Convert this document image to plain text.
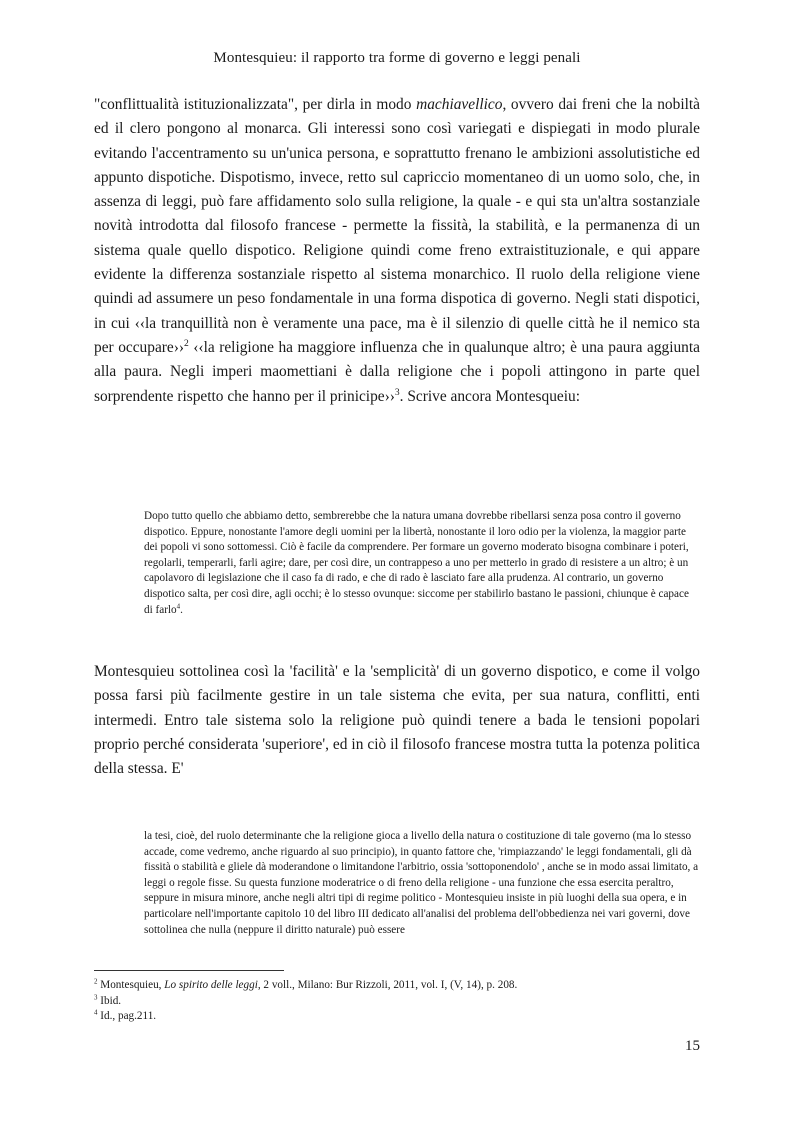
Montesquieu: il rapporto tra forme di governo e leggi penali

"conflittualità istituzionalizzata", per dirla in modo machiavellico, ovvero dai freni che la nobiltà ed il clero pongono al monarca. Gli interessi sono così variegati e dispiegati in modo plurale evitando l'accentramento su un'unica persona, e soprattutto frenano le ambizioni assolutistiche ed appunto dispotiche. Dispotismo, invece, retto sul capriccio momentaneo di un uomo solo, che, in assenza di leggi, può fare affidamento solo sulla religione, la quale - e qui sta un'altra sostanziale novità introdotta dal filosofo francese - permette la fissità, la stabilità, e la permanenza di un sistema quale quello dispotico. Religione quindi come freno extraistituzionale, e qui appare evidente la differenza sostanziale rispetto al sistema monarchico. Il ruolo della religione viene quindi ad assumere un peso fondamentale in una forma dispotica di governo. Negli stati dispotici, in cui ‹‹la tranquillità non è veramente una pace, ma è il silenzio di quelle città he il nemico sta per occupare››$^2$ ‹‹la religione ha maggiore influenza che in qualunque altro; è una paura aggiunta alla paura. Negli imperi maomettiani è dalla religione che i popoli attingono in parte quel sorprendente rispetto che hanno per il prinicipe››$^3$. Scrive ancora Montesqueiu:

Dopo tutto quello che abbiamo detto, sembrerebbe che la natura umana dovrebbe ribellarsi senza posa contro il governo dispotico. Eppure, nonostante l'amore degli uomini per la libertà, nonostante il loro odio per la violenza, la maggior parte dei popoli vi sono sottomessi. Ciò è facile da comprendere. Per formare un governo moderato bisogna combinare i poteri, regolarli, temperarli, farli agire; dare, per così dire, un contrappeso a uno per metterlo in grado di resistere a un altro; è un capolavoro di legislazione che il caso fa di rado, e che di rado è lasciato fare alla prudenza. Al contrario, un governo dispotico salta, per così dire, agli occhi; è lo stesso ovunque: siccome per stabilirlo bastano le passioni, chiunque è capace di farlo$^4$.

Montesquieu sottolinea così la 'facilità' e la 'semplicità' di un governo dispotico, e come il volgo possa farsi più facilmente gestire in un tale sistema che evita, per sua natura, conflitti, enti intermedi. Entro tale sistema solo la religione può quindi tenere a bada le tensioni popolari proprio perché considerata 'superiore', ed in ciò il filosofo francese mostra tutta la potenza politica della stessa. E'

la tesi, cioè, del ruolo determinante che la religione gioca a livello della natura o costituzione di tale governo (ma lo stesso accade, come vedremo, anche riguardo al suo principio), in quanto fattore che, 'rimpiazzando' le leggi fondamentali, gli dà fissità o stabilità e gliele dà moderandone o limitandone l'arbitrio, ossia 'sottoponendolo' , anche se in modo assai limitato, a leggi o regole fisse. Su questa funzione moderatrice o di freno della religione - una funzione che essa esercita peraltro, seppure in misura minore, anche negli altri tipi di regime politico - Montesquieu insiste in più luoghi della sua opera, e in particolare nell'importante capitolo 10 del libro III dedicato all'analisi del problema dell'obbedienza nei vari governi, dove sottolinea che nulla (neppure il diritto naturale) può essere

$^2$ Montesquieu, Lo spirito delle leggi, 2 voll., Milano: Bur Rizzoli, 2011, vol. I, (V, 14), p. 208.
$^3$ Ibid.
$^4$ Id., pag.211.
15
